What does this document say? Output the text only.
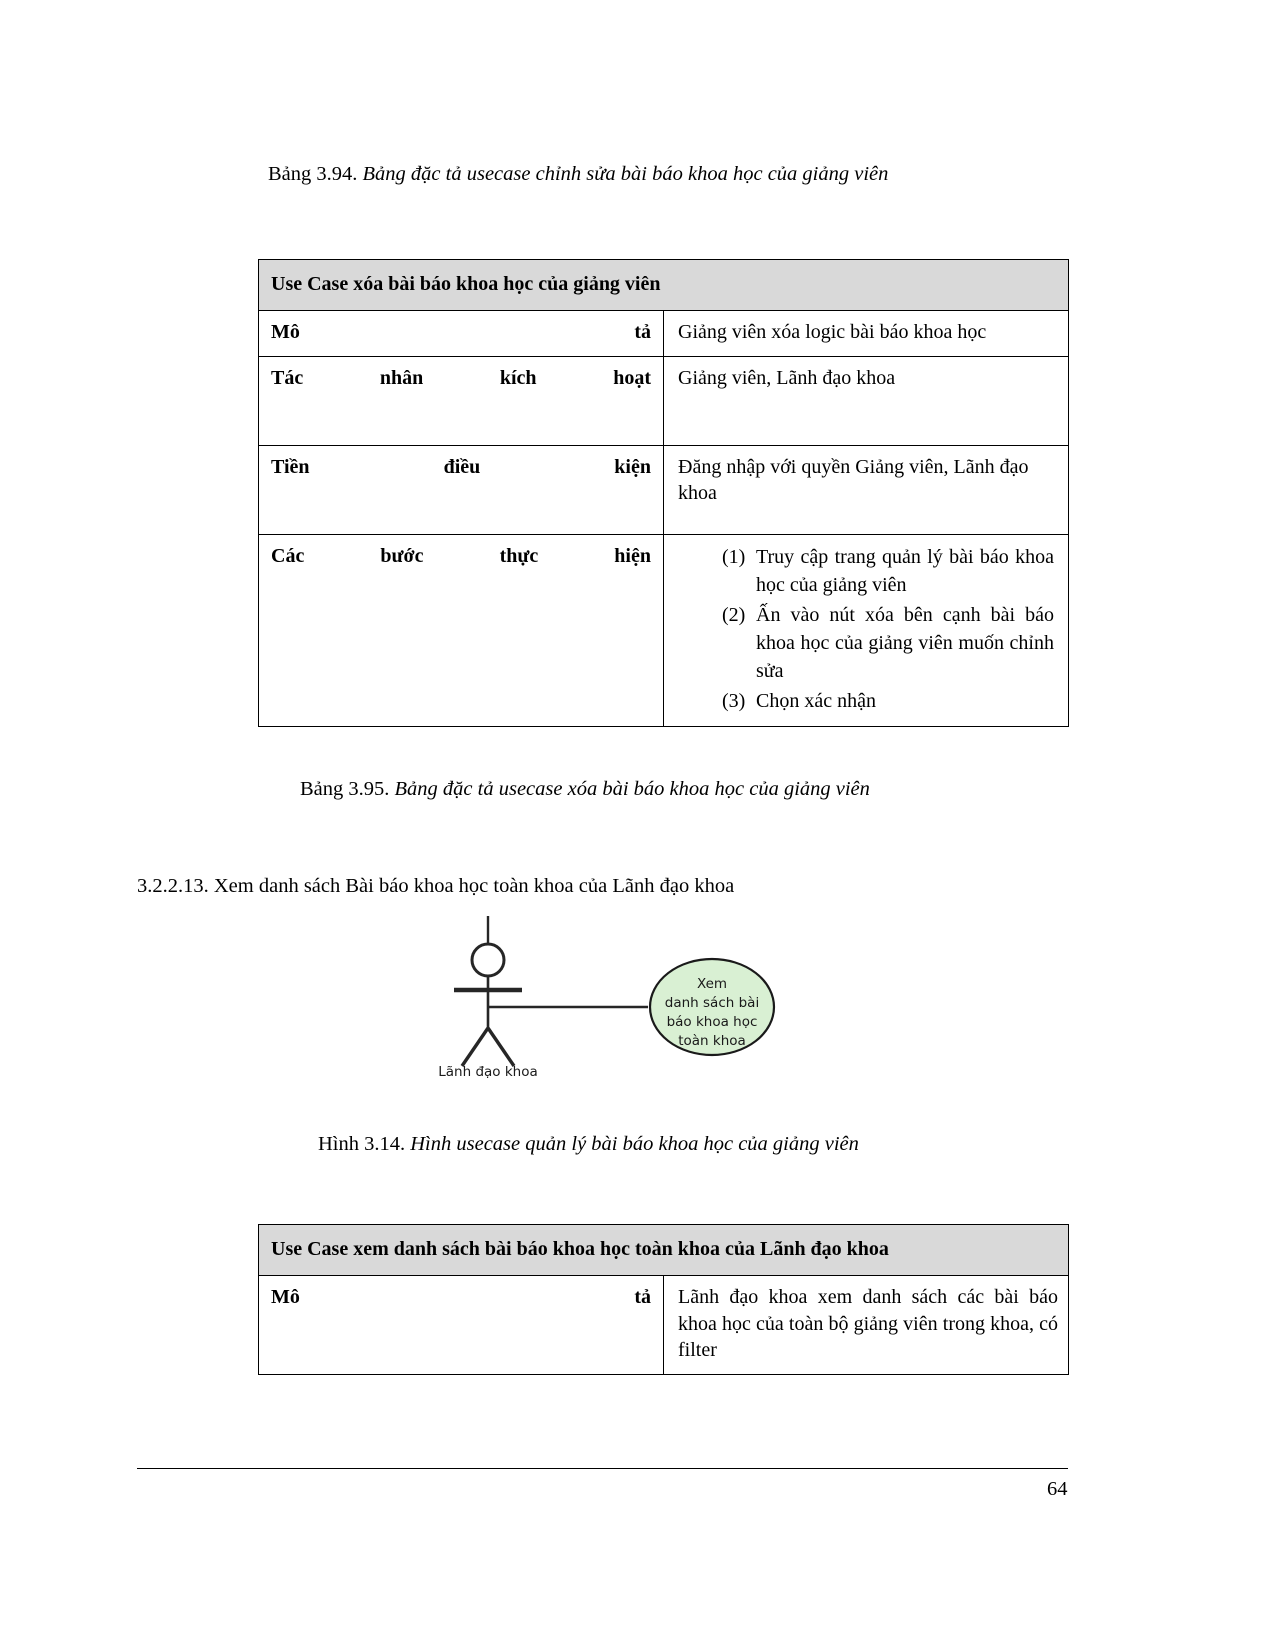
Bảng 3.94. Bảng đặc tả usecase chỉnh sửa bài báo khoa học của giảng viên
Use Case xóa bài báo khoa học của giảng viên	
Mô tả	Giảng viên xóa logic bài báo khoa học
Tác nhân kích hoạt	Giảng viên, Lãnh đạo khoa
Tiền điều kiện	Đăng nhập với quyền Giảng viên, Lãnh đạo khoa
Các bước thực hiện	(1) Truy cập trang quản lý bài báo khoa học của giảng viên
(2) Ấn vào nút xóa bên cạnh bài báo khoa học của giảng viên muốn chỉnh sửa
(3) Chọn xác nhận
Bảng 3.95. Bảng đặc tả usecase xóa bài báo khoa học của giảng viên
3.2.2.13. Xem danh sách Bài báo khoa học toàn khoa của Lãnh đạo khoa
Xem
danh sách bài
báo khoa học
toàn khoa
Lãnh đạo khoa
Hình 3.14. Hình usecase quản lý bài báo khoa học của giảng viên
Use Case xem danh sách bài báo khoa học toàn khoa của Lãnh đạo khoa
Mô tả	Lãnh đạo khoa xem danh sách các bài báo khoa học của toàn bộ giảng viên trong khoa, có filter
64
